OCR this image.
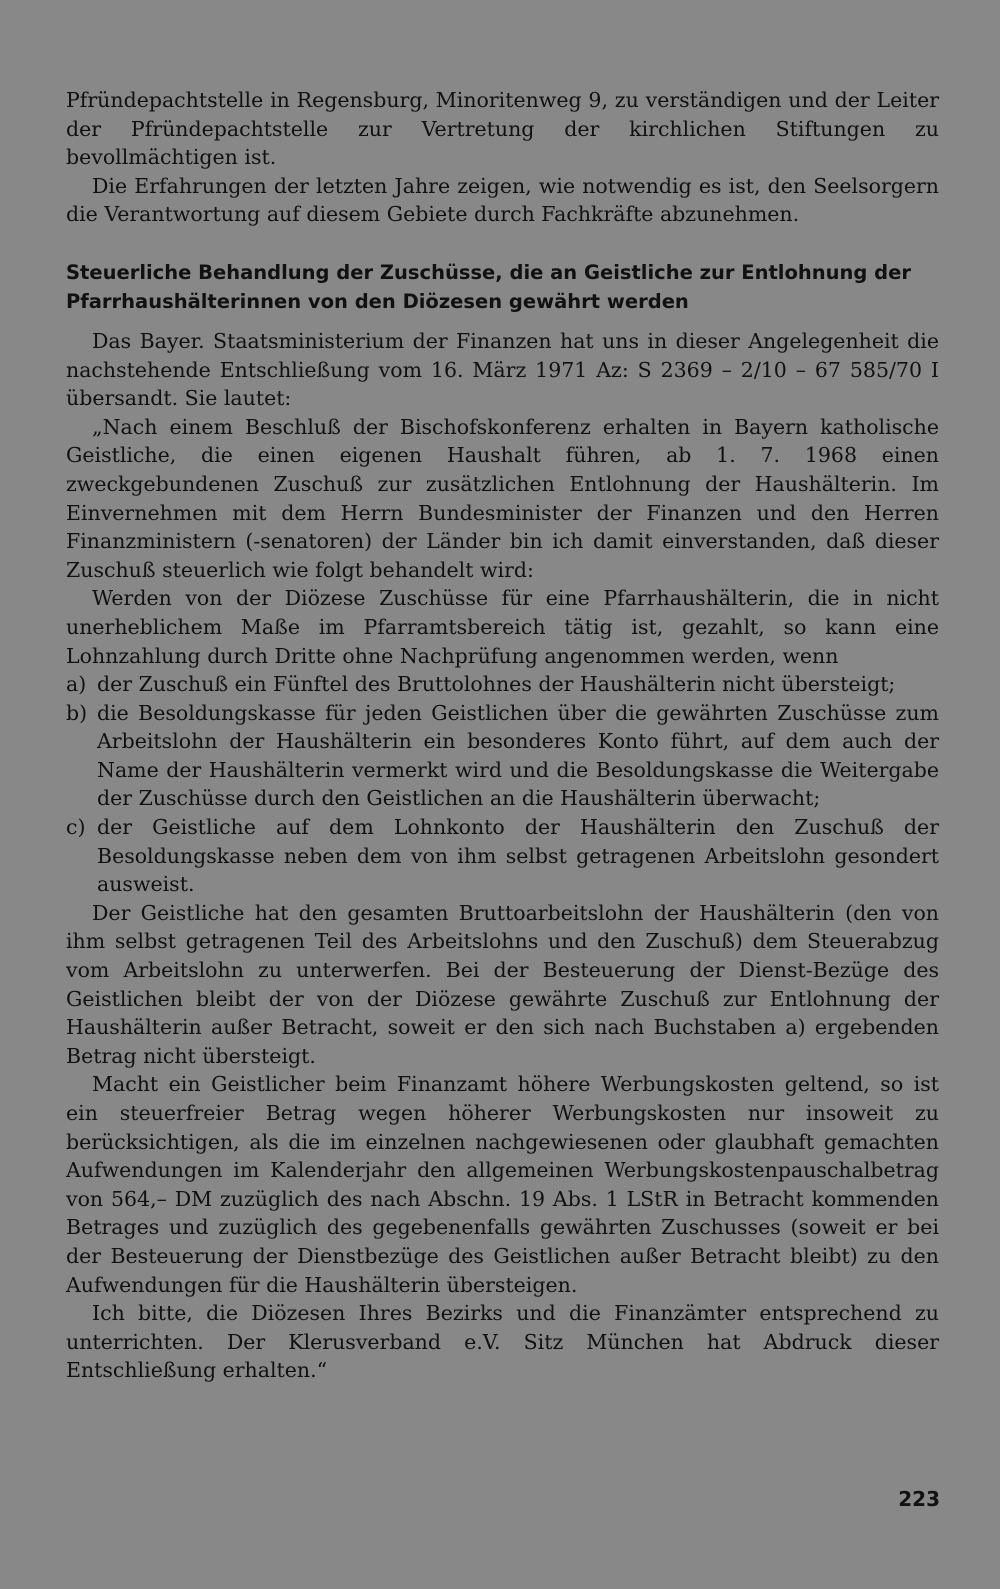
Pfründepachtstelle in Regensburg, Minoritenweg 9, zu verständigen und der Leiter der Pfründepachtstelle zur Vertretung der kirchlichen Stiftungen zu bevollmächtigen ist.

Die Erfahrungen der letzten Jahre zeigen, wie notwendig es ist, den Seelsorgern die Verantwortung auf diesem Gebiete durch Fachkräfte abzunehmen.

Steuerliche Behandlung der Zuschüsse, die an Geistliche zur Entlohnung der Pfarrhaushälterinnen von den Diözesen gewährt werden

Das Bayer. Staatsministerium der Finanzen hat uns in dieser Angelegenheit die nachstehende Entschließung vom 16. März 1971 Az: S 2369 – 2/10 – 67 585/70 I übersandt. Sie lautet:

„Nach einem Beschluß der Bischofskonferenz erhalten in Bayern katholische Geistliche, die einen eigenen Haushalt führen, ab 1. 7. 1968 einen zweckgebundenen Zuschuß zur zusätzlichen Entlohnung der Haushälterin. Im Einvernehmen mit dem Herrn Bundesminister der Finanzen und den Herren Finanzministern (-senatoren) der Länder bin ich damit einverstanden, daß dieser Zuschuß steuerlich wie folgt behandelt wird:

Werden von der Diözese Zuschüsse für eine Pfarrhaushälterin, die in nicht unerheblichem Maße im Pfarramtsbereich tätig ist, gezahlt, so kann eine Lohnzahlung durch Dritte ohne Nachprüfung angenommen werden, wenn

a) der Zuschuß ein Fünftel des Bruttolohnes der Haushälterin nicht übersteigt;

b) die Besoldungskasse für jeden Geistlichen über die gewährten Zuschüsse zum Arbeitslohn der Haushälterin ein besonderes Konto führt, auf dem auch der Name der Haushälterin vermerkt wird und die Besoldungskasse die Weitergabe der Zuschüsse durch den Geistlichen an die Haushälterin überwacht;

c) der Geistliche auf dem Lohnkonto der Haushälterin den Zuschuß der Besoldungskasse neben dem von ihm selbst getragenen Arbeitslohn gesondert ausweist.

Der Geistliche hat den gesamten Bruttoarbeitslohn der Haushälterin (den von ihm selbst getragenen Teil des Arbeitslohns und den Zuschuß) dem Steuerabzug vom Arbeitslohn zu unterwerfen. Bei der Besteuerung der Dienst-Bezüge des Geistlichen bleibt der von der Diözese gewährte Zuschuß zur Entlohnung der Haushälterin außer Betracht, soweit er den sich nach Buchstaben a) ergebenden Betrag nicht übersteigt.

Macht ein Geistlicher beim Finanzamt höhere Werbungskosten geltend, so ist ein steuerfreier Betrag wegen höherer Werbungskosten nur insoweit zu berücksichtigen, als die im einzelnen nachgewiesenen oder glaubhaft gemachten Aufwendungen im Kalenderjahr den allgemeinen Werbungskostenpauschalbetrag von 564,– DM zuzüglich des nach Abschn. 19 Abs. 1 LStR in Betracht kommenden Betrages und zuzüglich des gegebenenfalls gewährten Zuschusses (soweit er bei der Besteuerung der Dienstbezüge des Geistlichen außer Betracht bleibt) zu den Aufwendungen für die Haushälterin übersteigen.

Ich bitte, die Diözesen Ihres Bezirks und die Finanzämter entsprechend zu unterrichten. Der Klerusverband e.V. Sitz München hat Abdruck dieser Entschließung erhalten.“

223
